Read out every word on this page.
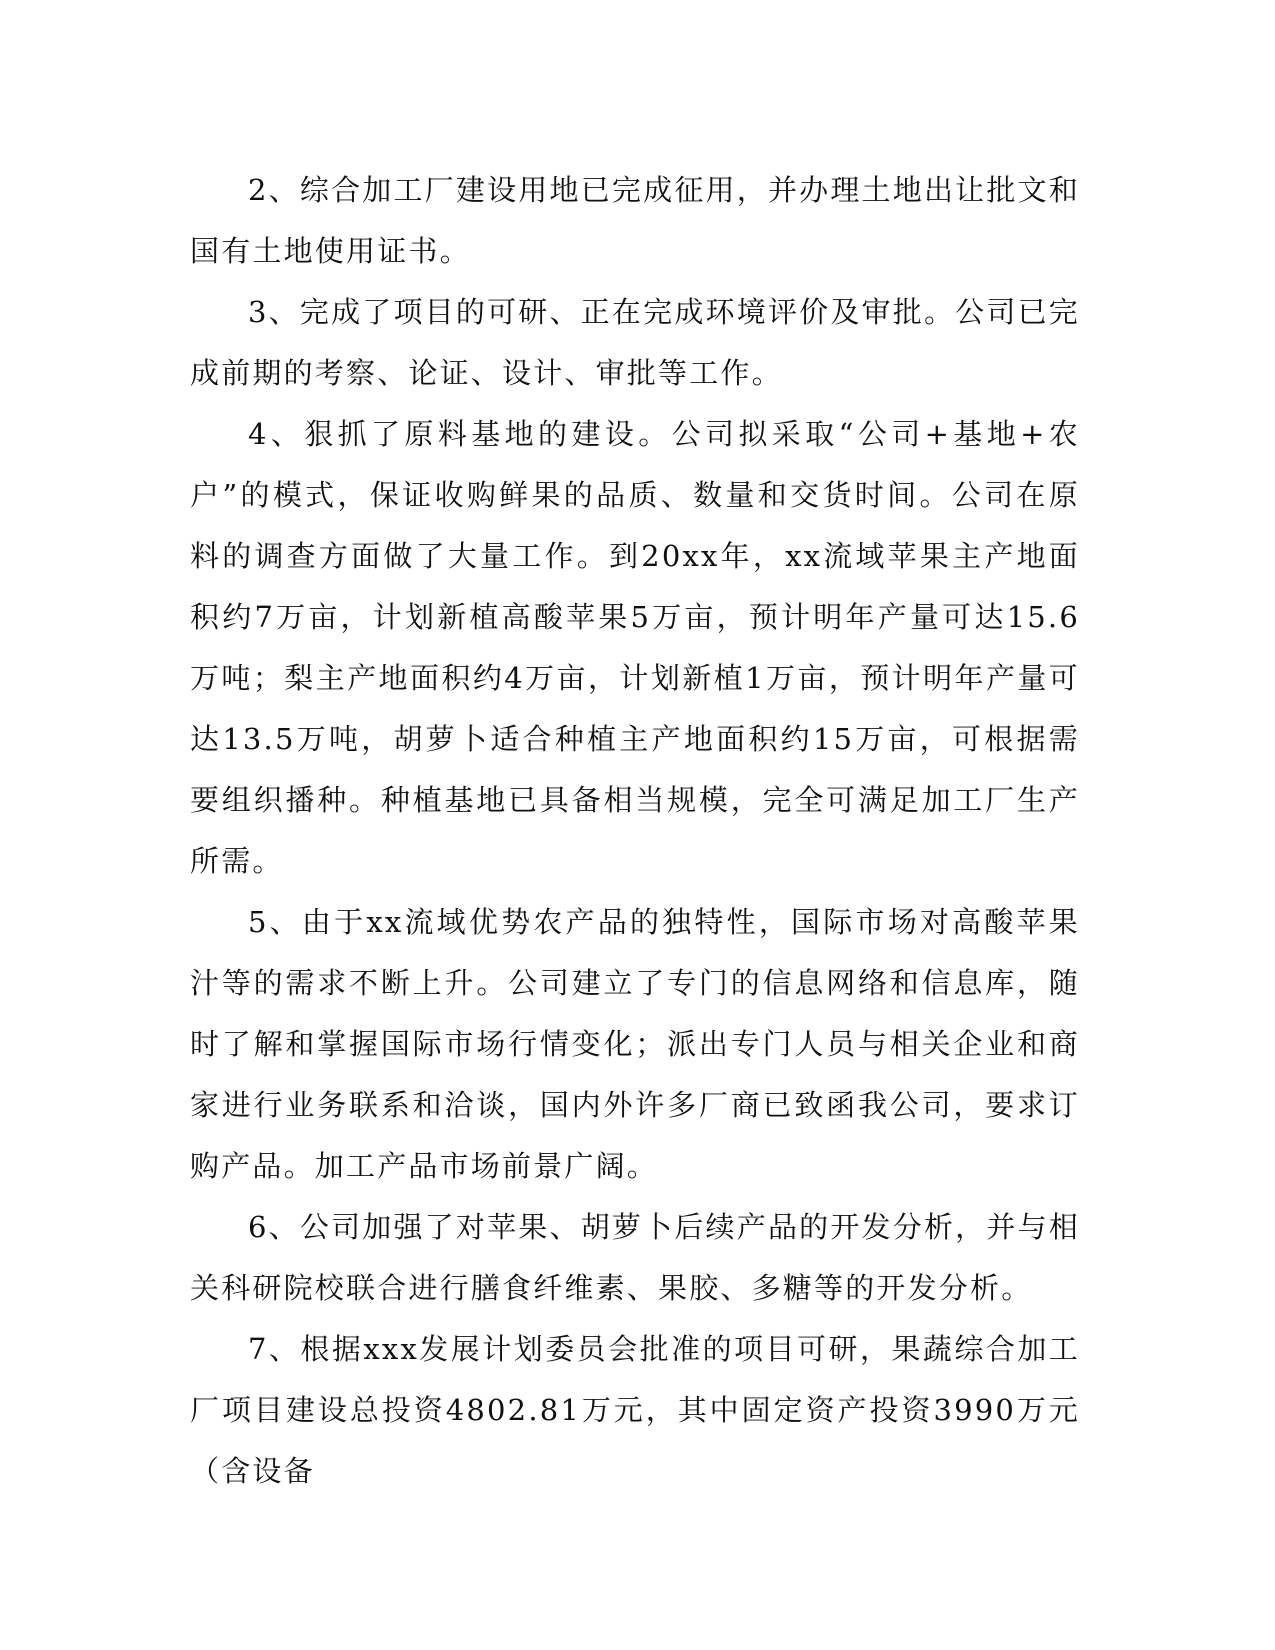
2、综合加工厂建设用地已完成征用，并办理土地出让批文和国有土地使用证书。

3、完成了项目的可研、正在完成环境评价及审批。公司已完成前期的考察、论证、设计、审批等工作。

4、狠抓了原料基地的建设。公司拟采取“公司+基地+农户”的模式，保证收购鲜果的品质、数量和交货时间。公司在原料的调查方面做了大量工作。到20xx年，xx流域苹果主产地面积约7万亩，计划新植高酸苹果5万亩，预计明年产量可达15.6万吨；梨主产地面积约4万亩，计划新植1万亩，预计明年产量可达13.5万吨，胡萝卜适合种植主产地面积约15万亩，可根据需要组织播种。种植基地已具备相当规模，完全可满足加工厂生产所需。

5、由于xx流域优势农产品的独特性，国际市场对高酸苹果汁等的需求不断上升。公司建立了专门的信息网络和信息库，随时了解和掌握国际市场行情变化；派出专门人员与相关企业和商家进行业务联系和洽谈，国内外许多厂商已致函我公司，要求订购产品。加工产品市场前景广阔。

6、公司加强了对苹果、胡萝卜后续产品的开发分析，并与相关科研院校联合进行膳食纤维素、果胶、多糖等的开发分析。

7、根据xxx发展计划委员会批准的项目可研，果蔬综合加工厂项目建设总投资4802.81万元，其中固定资产投资3990万元（含设备
